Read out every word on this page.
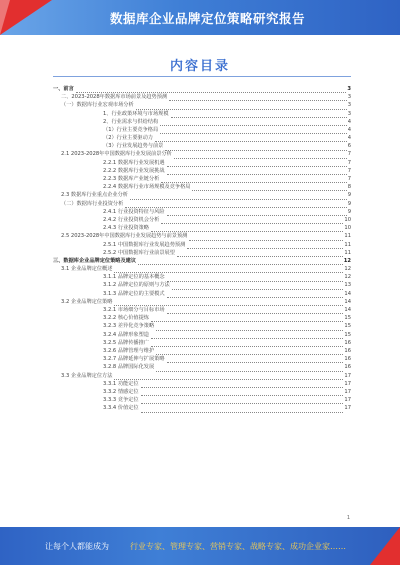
数据库企业品牌定位策略研究报告
内容目录
一、前言	3
二、2023-2028年数据库市场前景及趋势预测	3
（一）数据库行业宏观市场分析	3
1、行业政策环境与市场规模	3
2、行业需求与供给结构	4
（1）行业主要竞争格局	4
（2）行业主要驱动力	4
（3）行业发展趋势与前景	6
2.1 2023-2028年中国数据库行业发展前景分析	7
2.2.1 数据库行业发展机遇	7
2.2.2 数据库行业发展挑战	7
2.2.3 数据库产业链分析	7
2.2.4 数据库行业市场规模及竞争格局	8
2.3 数据库行业重点企业分析	9
（二）数据库行业投资分析	9
2.4.1 行业投资特征与风险	9
2.4.2 行业投资机会分析	10
2.4.3 行业投资策略	10
2.5 2023-2028年中国数据库行业发展趋势与前景预测	11
2.5.1 中国数据库行业发展趋势预测	11
2.5.2 中国数据库行业前景展望	11
三、数据库企业品牌定位策略及建议	12
3.1 企业品牌定位概述	12
3.1.1 品牌定位的基本概念	12
3.1.2 品牌定位的原则与方法	13
3.1.3 品牌定位的主要模式	14
3.2 企业品牌定位策略	14
3.2.1 市场细分与目标市场	14
3.2.2 核心价值提炼	15
3.2.3 差异化竞争策略	15
3.2.4 品牌形象塑造	15
3.2.5 品牌传播推广	16
3.2.6 品牌管理与维护	16
3.2.7 品牌延伸与扩展策略	16
3.2.8 品牌国际化发展	16
3.3 企业品牌定位方法	17
3.3.1 功能定位	17
3.3.2 情感定位	17
3.3.3 竞争定位	17
3.3.4 价值定位	17
1
让每个人都能成为	行业专家、管理专家、营销专家、战略专家、成功企业家……
